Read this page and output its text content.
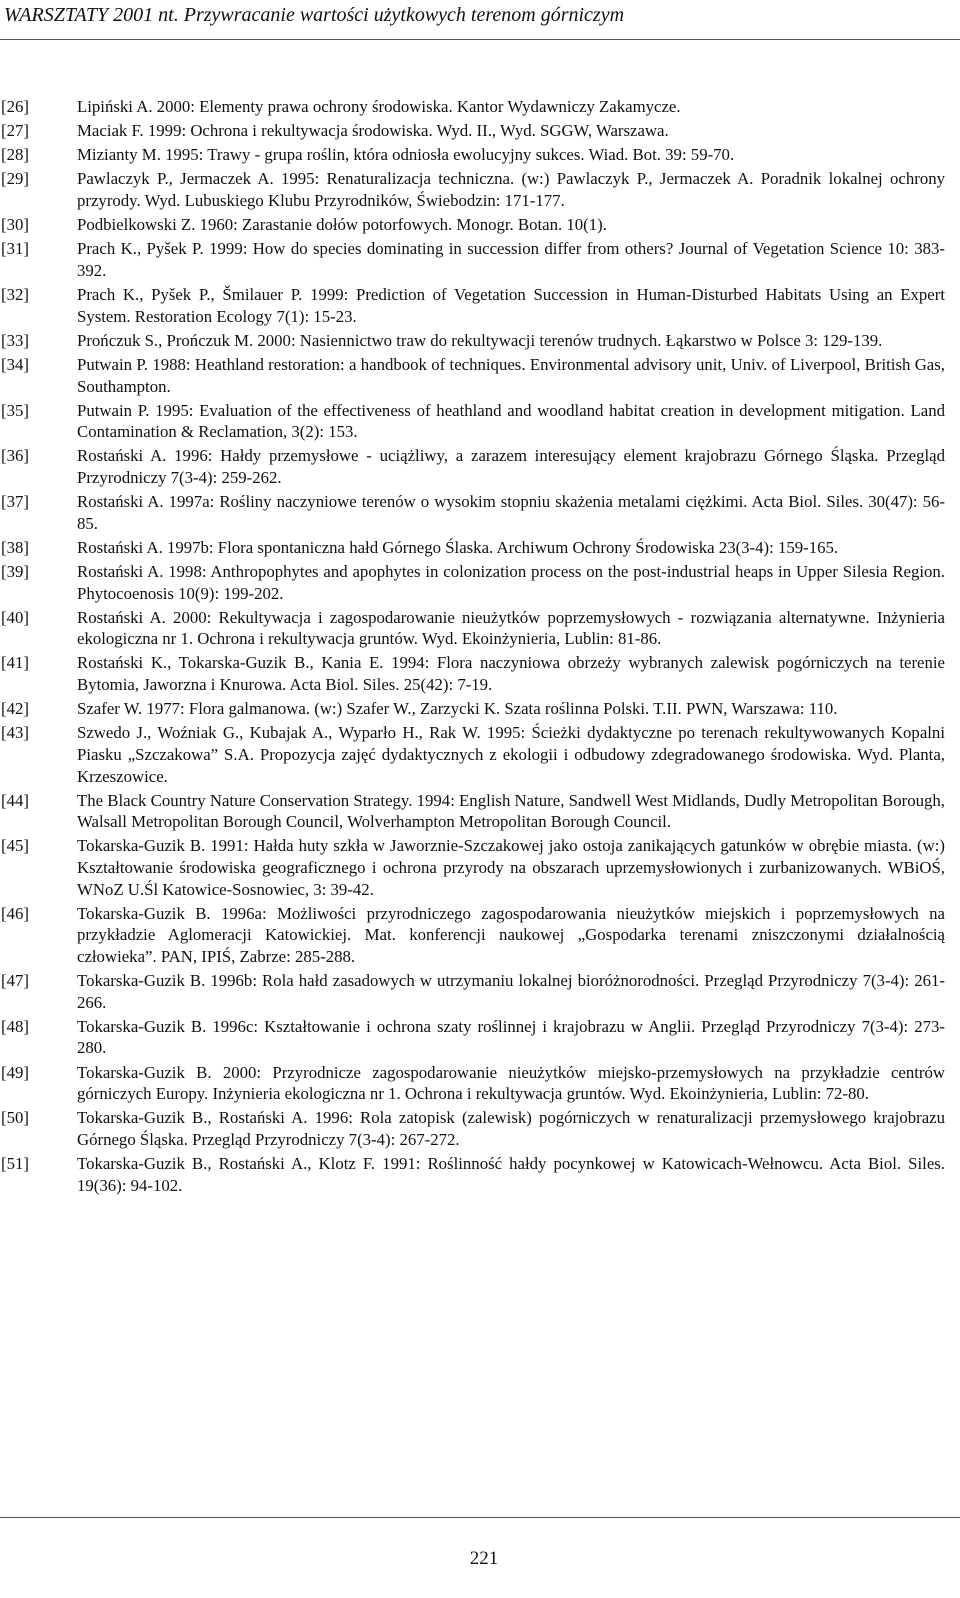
WARSZTATY 2001 nt. Przywracanie wartości użytkowych terenom górniczym
[26]	Lipiński A. 2000: Elementy prawa ochrony środowiska. Kantor Wydawniczy Zakamycze.
[27]	Maciak F. 1999: Ochrona i rekultywacja środowiska. Wyd. II., Wyd. SGGW, Warszawa.
[28]	Mizianty M. 1995: Trawy - grupa roślin, która odniosła ewolucyjny sukces. Wiad. Bot. 39: 59-70.
[29]	Pawlaczyk P., Jermaczek A. 1995: Renaturalizacja techniczna. (w:) Pawlaczyk P., Jermaczek A. Poradnik lokalnej ochrony przyrody. Wyd. Lubuskiego Klubu Przyrodników, Świebodzin: 171-177.
[30]	Podbielkowski Z. 1960: Zarastanie dołów potorfowych. Monogr. Botan. 10(1).
[31]	Prach K., Pyšek P. 1999: How do species dominating in succession differ from others? Journal of Vegetation Science 10: 383-392.
[32]	Prach K., Pyšek P., Šmilauer P. 1999: Prediction of Vegetation Succession in Human-Disturbed Habitats Using an Expert System. Restoration Ecology 7(1): 15-23.
[33]	Prończuk S., Prończuk M. 2000: Nasiennictwo traw do rekultywacji terenów trudnych. Łąkarstwo w Polsce 3: 129-139.
[34]	Putwain P. 1988: Heathland restoration: a handbook of techniques. Environmental advisory unit, Univ. of Liverpool, British Gas, Southampton.
[35]	Putwain P. 1995: Evaluation of the effectiveness of heathland and woodland habitat creation in development mitigation. Land Contamination & Reclamation, 3(2): 153.
[36]	Rostański A. 1996: Hałdy przemysłowe - uciążliwy, a zarazem interesujący element krajobrazu Górnego Śląska. Przegląd Przyrodniczy 7(3-4): 259-262.
[37]	Rostański A. 1997a: Rośliny naczyniowe terenów o wysokim stopniu skażenia metalami ciężkimi. Acta Biol. Siles. 30(47): 56-85.
[38]	Rostański A. 1997b: Flora spontaniczna hałd Górnego Ślaska. Archiwum Ochrony Środowiska 23(3-4): 159-165.
[39]	Rostański A. 1998: Anthropophytes and apophytes in colonization process on the post-industrial heaps in Upper Silesia Region. Phytocoenosis 10(9): 199-202.
[40]	Rostański A. 2000: Rekultywacja i zagospodarowanie nieużytków poprzemysłowych - rozwiązania alternatywne. Inżynieria ekologiczna nr 1. Ochrona i rekultywacja gruntów. Wyd. Ekoinżynieria, Lublin: 81-86.
[41]	Rostański K., Tokarska-Guzik B., Kania E. 1994: Flora naczyniowa obrzeży wybranych zalewisk pogórniczych na terenie Bytomia, Jaworzna i Knurowa. Acta Biol. Siles. 25(42): 7-19.
[42]	Szafer W. 1977: Flora galmanowa. (w:) Szafer W., Zarzycki K. Szata roślinna Polski. T.II. PWN, Warszawa: 110.
[43]	Szwedo J., Woźniak G., Kubajak A., Wyparło H., Rak W. 1995: Ścieżki dydaktyczne po terenach rekultywowanych Kopalni Piasku „Szczakowa” S.A. Propozycja zajęć dydaktycznych z ekologii i odbudowy zdegradowanego środowiska. Wyd. Planta, Krzeszowice.
[44]	The Black Country Nature Conservation Strategy. 1994: English Nature, Sandwell West Midlands, Dudly Metropolitan Borough, Walsall Metropolitan Borough Council, Wolverhampton Metropolitan Borough Council.
[45]	Tokarska-Guzik B. 1991: Hałda huty szkła w Jaworznie-Szczakowej jako ostoja zanikających gatunków w obrębie miasta. (w:) Kształtowanie środowiska geograficznego i ochrona przyrody na obszarach uprzemysłowionych i zurbanizowanych. WBiOŚ, WNoZ U.Śl Katowice-Sosnowiec, 3: 39-42.
[46]	Tokarska-Guzik B. 1996a: Możliwości przyrodniczego zagospodarowania nieużytków miejskich i poprzemysłowych na przykładzie Aglomeracji Katowickiej. Mat. konferencji naukowej „Gospodarka terenami zniszczonymi działalnością człowieka”. PAN, IPIŚ, Zabrze: 285-288.
[47]	Tokarska-Guzik B. 1996b: Rola hałd zasadowych w utrzymaniu lokalnej bioróżnorodności. Przegląd Przyrodniczy 7(3-4): 261-266.
[48]	Tokarska-Guzik B. 1996c: Kształtowanie i ochrona szaty roślinnej i krajobrazu w Anglii. Przegląd Przyrodniczy 7(3-4): 273-280.
[49]	Tokarska-Guzik B. 2000: Przyrodnicze zagospodarowanie nieużytków miejsko-przemysłowych na przykładzie centrów górniczych Europy. Inżynieria ekologiczna nr 1. Ochrona i rekultywacja gruntów. Wyd. Ekoinżynieria, Lublin: 72-80.
[50]	Tokarska-Guzik B., Rostański A. 1996: Rola zatopisk (zalewisk) pogórniczych w renaturalizacji przemysłowego krajobrazu Górnego Śląska. Przegląd Przyrodniczy 7(3-4): 267-272.
[51]	Tokarska-Guzik B., Rostański A., Klotz F. 1991: Roślinność hałdy pocynkowej w Katowicach-Wełnowcu. Acta Biol. Siles. 19(36): 94-102.
221
